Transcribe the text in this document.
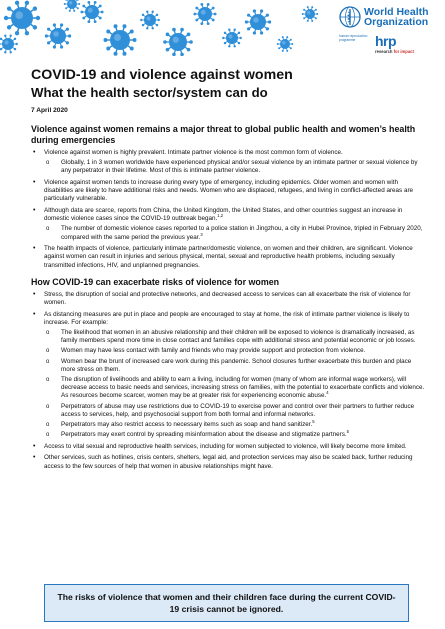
World Health Organization
human reproduction programme	hrp
research for impact
COVID-19 and violence against women
What the health sector/system can do
7 April 2020
Violence against women remains a major threat to global public health and women’s health during emergencies
• Violence against women is highly prevalent. Intimate partner violence is the most common form of violence.
o Globally, 1 in 3 women worldwide have experienced physical and/or sexual violence by an intimate partner or sexual violence by any perpetrator in their lifetime. Most of this is intimate partner violence.
• Violence against women tends to increase during every type of emergency, including epidemics. Older women and women with disabilities are likely to have additional risks and needs. Women who are displaced, refugees, and living in conflict-affected areas are particularly vulnerable.
• Although data are scarce, reports from China, the United Kingdom, the United States, and other countries suggest an increase in domestic violence cases since the COVID-19 outbreak began.$^{1,2}$
o The number of domestic violence cases reported to a police station in Jingzhou, a city in Hubei Province, tripled in February 2020, compared with the same period the previous year.$^3$
• The health impacts of violence, particularly intimate partner/domestic violence, on women and their children, are significant. Violence against women can result in injuries and serious physical, mental, sexual and reproductive health problems, including sexually transmitted infections, HIV, and unplanned pregnancies.
How COVID-19 can exacerbate risks of violence for women
• Stress, the disruption of social and protective networks, and decreased access to services can all exacerbate the risk of violence for women.
• As distancing measures are put in place and people are encouraged to stay at home, the risk of intimate partner violence is likely to increase. For example:
o The likelihood that women in an abusive relationship and their children will be exposed to violence is dramatically increased, as family members spend more time in close contact and families cope with additional stress and potential economic or job losses.
o Women may have less contact with family and friends who may provide support and protection from violence.
o Women bear the brunt of increased care work during this pandemic. School closures further exacerbate this burden and place more stress on them.
o The disruption of livelihoods and ability to earn a living, including for women (many of whom are informal wage workers), will decrease access to basic needs and services, increasing stress on families, with the potential to exacerbate conflicts and violence. As resources become scarcer, women may be at greater risk for experiencing economic abuse.$^4$
o Perpetrators of abuse may use restrictions due to COVID-19 to exercise power and control over their partners to further reduce access to services, help, and psychosocial support from both formal and informal networks.
o Perpetrators may also restrict access to necessary items such as soap and hand sanitizer.$^5$
o Perpetrators may exert control by spreading misinformation about the disease and stigmatize partners.$^5$
• Access to vital sexual and reproductive health services, including for women subjected to violence, will likely become more limited.
• Other services, such as hotlines, crisis centers, shelters, legal aid, and protection services may also be scaled back, further reducing access to the few sources of help that women in abusive relationships might have.
The risks of violence that women and their children face during the current COVID-19 crisis cannot be ignored.
